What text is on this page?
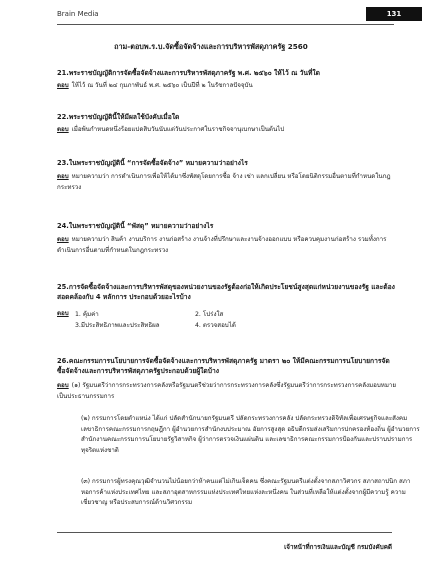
Brain Media	131
ถาม-ตอบพ.ร.บ.จัดซื้อจัดจ้างและการบริหารพัสดุภาครัฐ 2560
21.พระราชบัญญัติการจัดซื้อจัดจ้างและการบริหารพัสดุภาครัฐ พ.ศ. ๒๕๖๐ ให้ไว้ ณ วันที่ใด
ตอบ ให้ไว้ ณ วันที่ ๒๔ กุมภาพันธ์ พ.ศ. ๒๕๖๐ เป็นปีที่ ๒ ในรัชกาลปัจจุบัน
22.พระราชบัญญัตินี้ให้มีผลใช้บังคับเมื่อใด
ตอบ เมื่อพ้นกำหนดหนึ่งร้อยแปดสิบวันนับแต่วันประกาศในราชกิจจานุเบกษาเป็นต้นไป
23.ในพระราชบัญญัตินี้ “การจัดซื้อจัดจ้าง” หมายความว่าอย่างไร
ตอบ หมายความว่า การดำเนินการเพื่อให้ได้มาซึ่งพัสดุโดยการซื้อ จ้าง เช่า แลกเปลี่ยน หรือโดยนิติกรรมอื่นตามที่กำหนดในกฎกระทรวง
24.ในพระราชบัญญัตินี้ “พัสดุ” หมายความว่าอย่างไร
ตอบ หมายความว่า สินค้า งานบริการ งานก่อสร้าง งานจ้างที่ปรึกษาและงานจ้างออกแบบ หรือควบคุมงานก่อสร้าง รวมทั้งการดำเนินการอื่นตามที่กำหนดในกฎกระทรวง
25.การจัดซื้อจัดจ้างและการบริหารพัสดุของหน่วยงานของรัฐต้องก่อให้เกิดประโยชน์สูงสุดแก่หน่วยงานของรัฐ และต้องสอดคล้องกับ 4 หลักการ ประกอบด้วยอะไรบ้าง
ตอบ	1. คุ้มค่า	2. โปร่งใส
3.มีประสิทธิภาพและประสิทธิผล	4. ตรวจสอบได้
26.คณะกรรมการนโยบายการจัดซื้อจัดจ้างและการบริหารพัสดุภาครัฐ มาตรา ๒๐ ให้มีคณะกรรมการนโยบายการจัดซื้อจัดจ้างและการบริหารพัสดุภาครัฐประกอบด้วยผู้ใดบ้าง
ตอบ (๑) รัฐมนตรีว่าการกระทรวงการคลังหรือรัฐมนตรีช่วยว่าการกระทรวงการคลังซึ่งรัฐมนตรีว่าการกระทรวงการคลังมอบหมาย เป็นประธานกรรมการ
(๒) กรรมการโดยตำแหน่ง ได้แก่ ปลัดสำนักนายกรัฐมนตรี ปลัดกระทรวงการคลัง ปลัดกระทรวงดิจิทัลเพื่อเศรษฐกิจและสังคม เลขาธิการคณะกรรมการกฤษฎีกา ผู้อำนวยการสำนักงบประมาณ อัยการสูงสุด อธิบดีกรมส่งเสริมการปกครองท้องถิ่น ผู้อำนวยการสำนักงานคณะกรรมการนโยบายรัฐวิสาหกิจ ผู้ว่าการตรวจเงินแผ่นดิน และเลขาธิการคณะกรรมการป้องกันและปราบปรามการทุจริตแห่งชาติ
(๓) กรรมการผู้ทรงคุณวุฒิจำนวนไม่น้อยกว่าห้าคนแต่ไม่เกินเจ็ดคน ซึ่งคณะรัฐมนตรีแต่งตั้งจากสภาวิศวกร สภาสถาปนิก สภาหอการค้าแห่งประเทศไทย และสภาอุตสาหกรรมแห่งประเทศไทยแห่งละหนึ่งคน ในส่วนที่เหลือให้แต่งตั้งจากผู้มีความรู้ ความเชี่ยวชาญ หรือประสบการณ์ด้านวิศวกรรม
เจ้าหน้าที่การเงินและบัญชี กรมบังคับคดี
